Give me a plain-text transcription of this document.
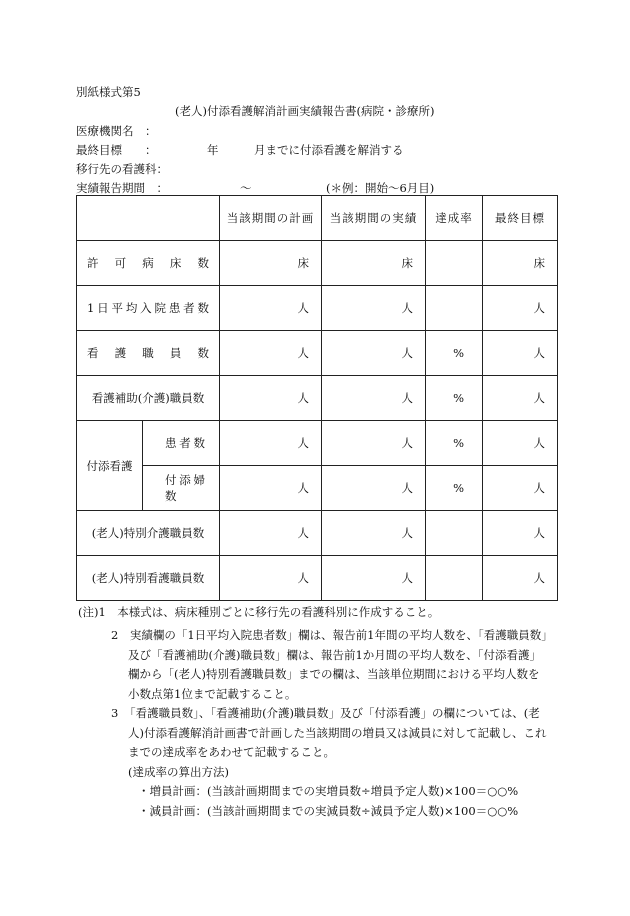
別紙様式第5
(老人)付添看護解消計画実績報告書(病院・診療所)
医療機関名　：
最終目標　　：	年	月までに付添看護を解消する
移行先の看護科：
実績報告期間　：	〜	(＊例：開始〜6月目)
		当該期間の計画	当該期間の実績	達成率	最終目標
許可病床数		床	床		床
1日平均入院患者数		人	人		人
看護職員数		人	人	%	人
看護補助(介護)職員数		人	人	%	人
付添看護	患者数	人	人	%	人
	付添婦数	人	人	%	人
(老人)特別介護職員数		人	人		人
(老人)特別看護職員数		人	人		人
(注)1　本様式は、病床種別ごとに移行先の看護科別に作成すること。
2　実績欄の「1日平均入院患者数」欄は、報告前1年間の平均人数を、「看護職員数」
及び「看護補助(介護)職員数」欄は、報告前1か月間の平均人数を、「付添看護」
欄から「(老人)特別看護職員数」までの欄は、当該単位期間における平均人数を
小数点第1位まで記載すること。
3　「看護職員数」、「看護補助(介護)職員数」及び「付添看護」の欄については、(老
人)付添看護解消計画書で計画した当該期間の増員又は減員に対して記載し、これ
までの達成率をあわせて記載すること。
(達成率の算出方法)
・増員計画：(当該計画期間までの実増員数÷増員予定人数)×100＝○○%
・減員計画：(当該計画期間までの実減員数÷減員予定人数)×100＝○○%
